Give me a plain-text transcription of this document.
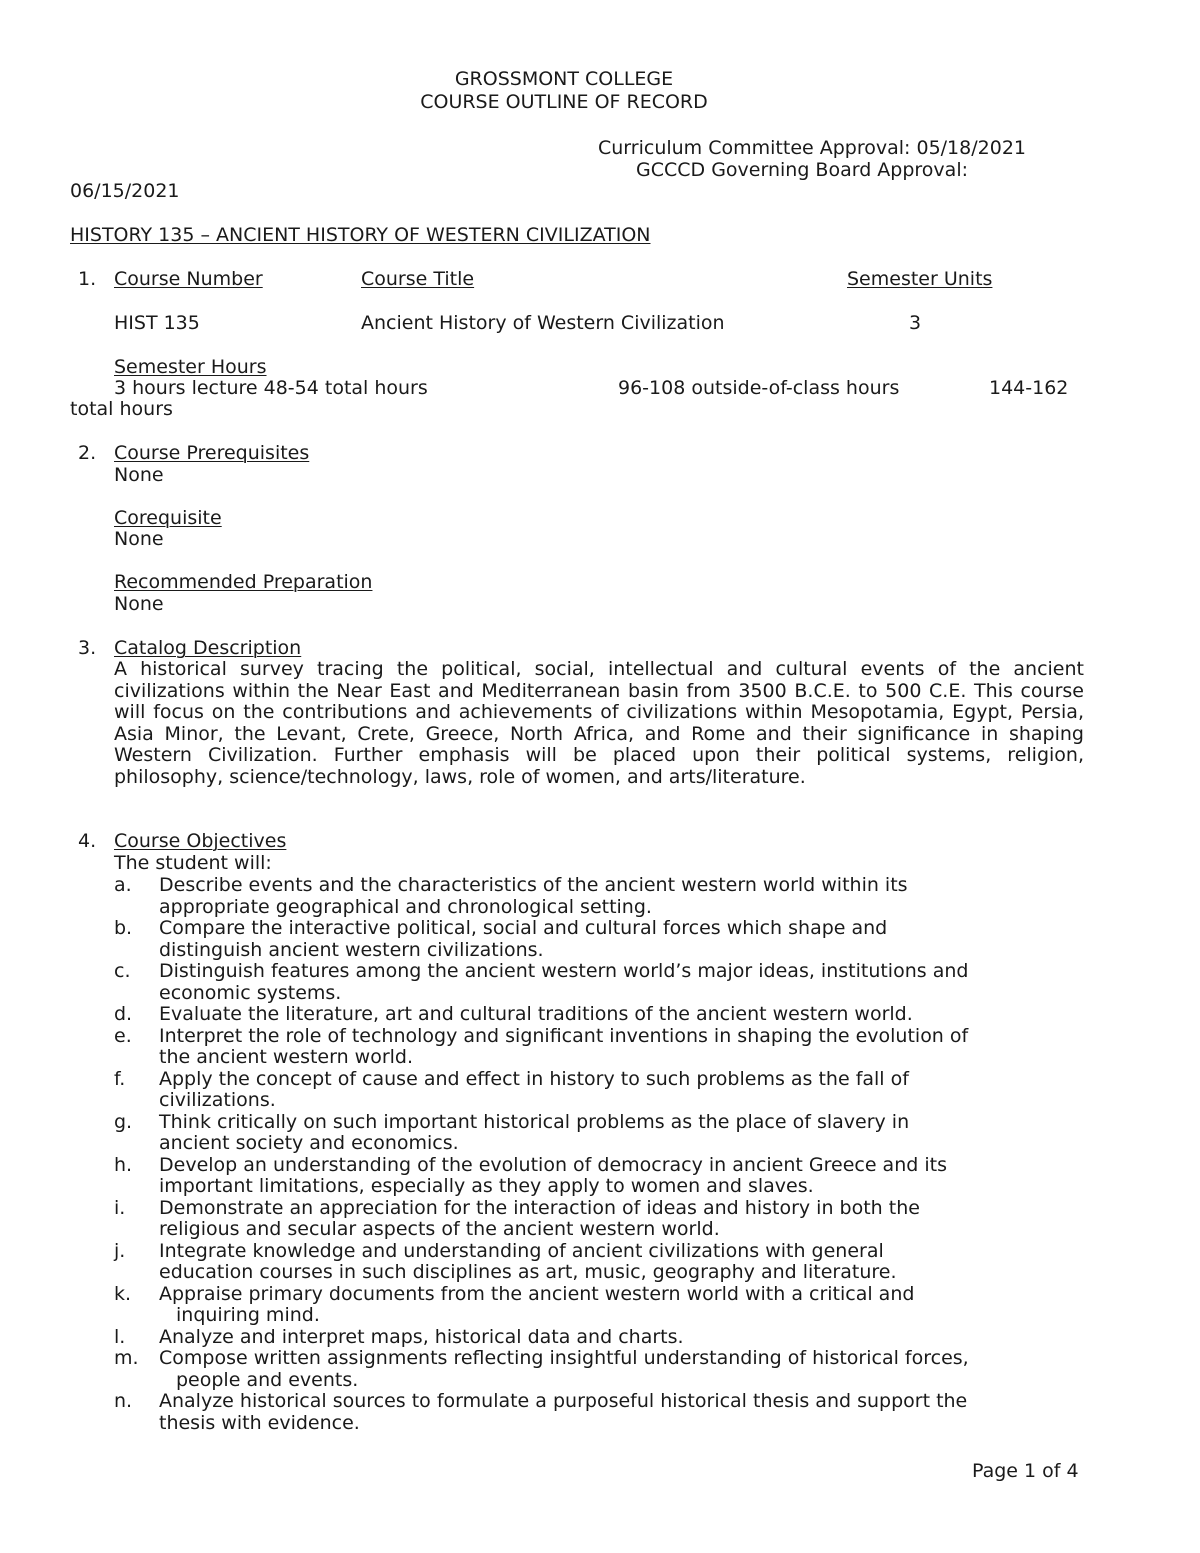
GROSSMONT COLLEGE
COURSE OUTLINE OF RECORD
Curriculum Committee Approval: 05/18/2021
GCCCD Governing Board Approval:
06/15/2021
HISTORY 135 – ANCIENT HISTORY OF WESTERN CIVILIZATION
1. Course Number	Course Title	Semester Units
HIST 135	Ancient History of Western Civilization	3
Semester Hours
3 hours lecture 48-54 total hours	96-108 outside-of-class hours	144-162
total hours
2. Course Prerequisites
None
Corequisite
None
Recommended Preparation
None
3. Catalog Description
A historical survey tracing the political, social, intellectual and cultural events of the ancient civilizations within the Near East and Mediterranean basin from 3500 B.C.E. to 500 C.E. This course will focus on the contributions and achievements of civilizations within Mesopotamia, Egypt, Persia, Asia Minor, the Levant, Crete, Greece, North Africa, and Rome and their significance in shaping Western Civilization. Further emphasis will be placed upon their political systems, religion, philosophy, science/technology, laws, role of women, and arts/literature.
4. Course Objectives
The student will:
a. Describe events and the characteristics of the ancient western world within its
appropriate geographical and chronological setting.
b. Compare the interactive political, social and cultural forces which shape and
distinguish ancient western civilizations.
c. Distinguish features among the ancient western world’s major ideas, institutions and
economic systems.
d. Evaluate the literature, art and cultural traditions of the ancient western world.
e. Interpret the role of technology and significant inventions in shaping the evolution of
the ancient western world.
f. Apply the concept of cause and effect in history to such problems as the fall of
civilizations.
g. Think critically on such important historical problems as the place of slavery in
ancient society and economics.
h. Develop an understanding of the evolution of democracy in ancient Greece and its
important limitations, especially as they apply to women and slaves.
i. Demonstrate an appreciation for the interaction of ideas and history in both the
religious and secular aspects of the ancient western world.
j. Integrate knowledge and understanding of ancient civilizations with general
education courses in such disciplines as art, music, geography and literature.
k. Appraise primary documents from the ancient western world with a critical and
inquiring mind.
l. Analyze and interpret maps, historical data and charts.
m. Compose written assignments reflecting insightful understanding of historical forces,
people and events.
n. Analyze historical sources to formulate a purposeful historical thesis and support the
thesis with evidence.
Page 1 of 4
